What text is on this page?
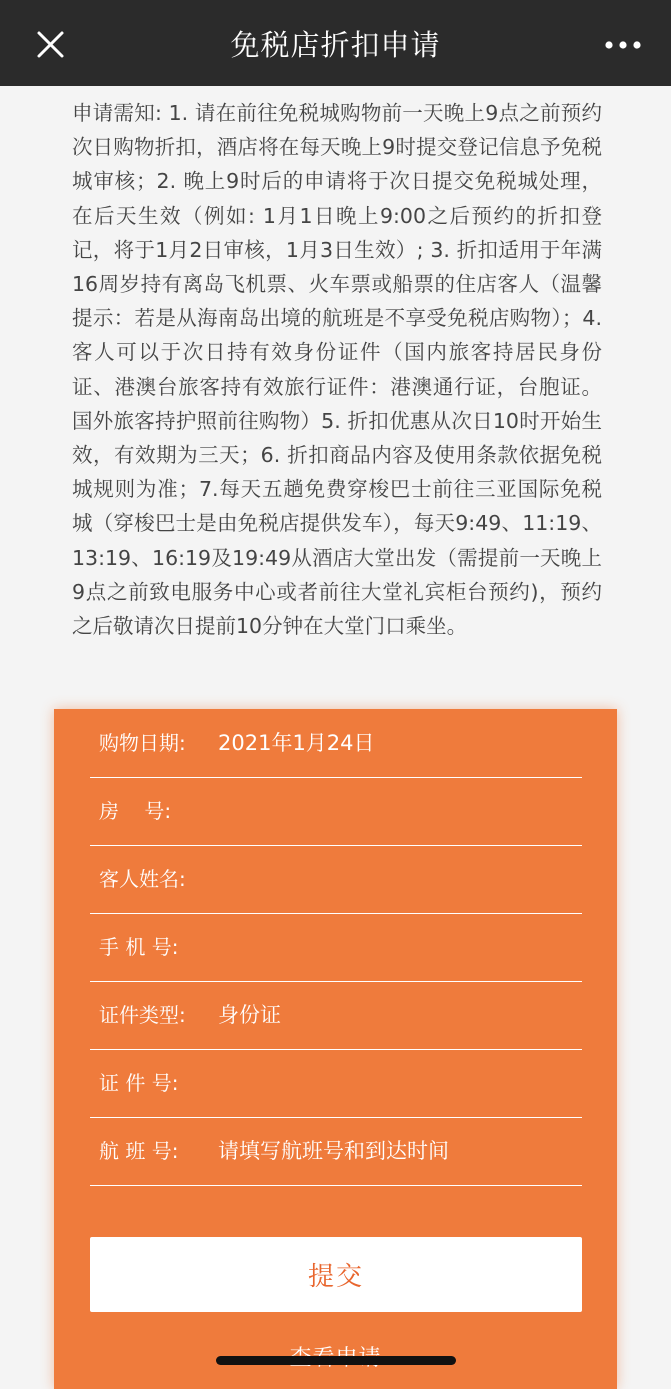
免税店折扣申请
申请需知: 1. 请在前往免税城购物前一天晚上9点之前预约次日购物折扣，酒店将在每天晚上9时提交登记信息予免税城审核；2. 晚上9时后的申请将于次日提交免税城处理，在后天生效（例如: 1月1日晚上9:00之后预约的折扣登记，将于1月2日审核，1月3日生效）; 3. 折扣适用于年满16周岁持有离岛飞机票、火车票或船票的住店客人（温馨提示：若是从海南岛出境的航班是不享受免税店购物）；4. 客人可以于次日持有效身份证件（国内旅客持居民身份证、港澳台旅客持有效旅行证件：港澳通行证，台胞证。国外旅客持护照前往购物）5. 折扣优惠从次日10时开始生效，有效期为三天；6. 折扣商品内容及使用条款依据免税城规则为准；7.每天五趟免费穿梭巴士前往三亚国际免税城（穿梭巴士是由免税店提供发车），每天9:49、11:19、13:19、16:19及19:49从酒店大堂出发（需提前一天晚上9点之前致电服务中心或者前往大堂礼宾柜台预约)，预约之后敬请次日提前10分钟在大堂门口乘坐。
购物日期:	2021年1月24日
房    号:
客人姓名:
手 机 号:
证件类型:	身份证
证 件 号:
航 班 号:
请填写航班号和到达时间
提交
